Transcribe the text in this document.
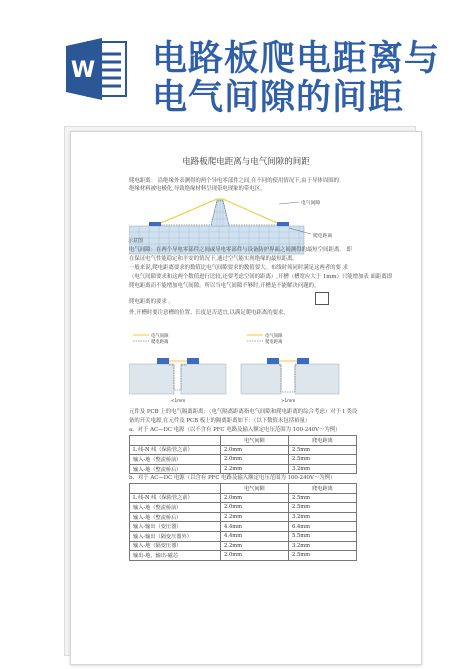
W 电路板爬电距离与
电气间隙的间距
电路板爬电距离与电气间隙的间距
爬电距离： 沿绝缘外表测得的两个导电零部件之间,在不同的使用情况下,由于导体周围的
绝缘材料被电极化,导致绝缘材料呈现带电现象的带电区。
电气间隙
爬电距离
示意图
电气间隙：在两个导电零部件之间或导电零部件与设备防护界面之间测得的最短空间距离。 即
在保证电气性能稳定和平安的情况下,通过空气能实现绝缘的最短距离。
一般来说,爬电距离要求的数值比电气间隙要求的数值要大。布线时须同时满足这两者的要 求
（电气间隙要求和这两个数值进行比较,还要考虑空间的距离）,开槽（槽宽应大于 1mm）只能增加表 面距离即
爬电距离而不能增加电气间隙。所以当电气间隙不够时,开槽是不能解决问题的。
爬电距离的要求 。
外,开槽时要注意槽的位置、长度是否适宜,以满足爬电距离的要求。
电气间隙
爬电距离
电气间隙
爬电距离
<1mm	>1mm
元件及 PCB 上的电气隔离距离：（电气隔离距离指电气间隙和爬电距离的综合考虑）对于 I 类设
备的开关电源,在元件及 PCB 板上的隔离距离如下：（以下数值未包括裕量）
a、对于 AC—DC 电源（以不含有 PFC 电路及输入额定电压范围为 100-240V～为例）
	电气间隙	爬电距离
L 线-N 线（保险管之前）	2.0mm	2.5mm
输入-地（整流桥前）	2.0mm	2.5mm
输入-地（整流桥后）	2.2mm	3.2mm
b、对于 AC—DC 电源（以含有 PFC 电路及输入额定电压范围为 100-240V～为例）
	电气间隙	爬电距离
L 线-N 线（保险管之前）	2.0mm	2.5mm
输入-地（整流桥前）	2.0mm	2.5mm
输入-地（整流桥后）	2.2mm	3.2mm
输入-输出（变压器）	4.4mm	6.4mm
输入-输出（隔变压器外）	4.4mm	5.5mm
输入-地（隔变压器）	2.2mm	3.2mm
输出-地、输出-磁芯	2.0mm	2.5mm
